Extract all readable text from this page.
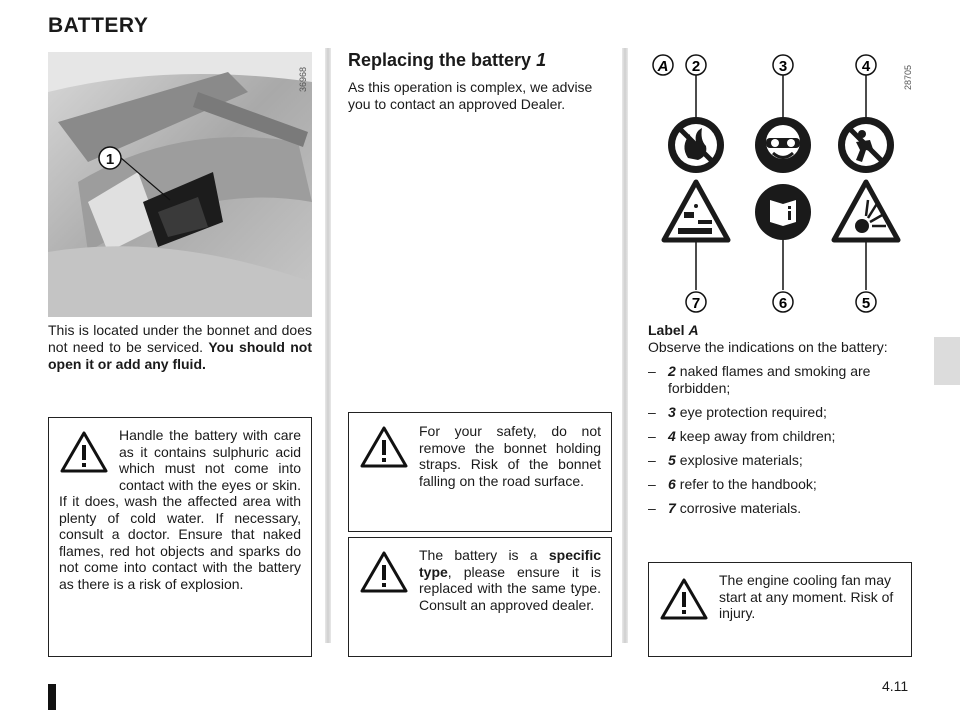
BATTERY
1
36968
This is located under the bonnet and does not need to be serviced. You should not open it or add any fluid.
Handle the battery with care as it contains sulphuric acid which must not come into contact with the eyes or skin. If it does, wash the affected area with plenty of cold water. If necessary, consult a doctor. Ensure that naked flames, red hot objects and sparks do not come into contact with the battery as there is a risk of explosion.
Replacing the battery 1
As this operation is complex, we advise you to contact an approved Dealer.
For your safety, do not remove the bonnet holding straps. Risk of the bonnet falling on the road surface.
The battery is a specific type, please ensure it is replaced with the same type. Consult an approved dealer.
28705
A 2	3	4
7	6	5
Label A
Observe the indications on the battery:
– 2 naked flames and smoking are forbidden;
– 3 eye protection required;
– 4 keep away from children;
– 5 explosive materials;
– 6 refer to the handbook;
– 7 corrosive materials.
The engine cooling fan may start at any moment. Risk of injury.
4.11
